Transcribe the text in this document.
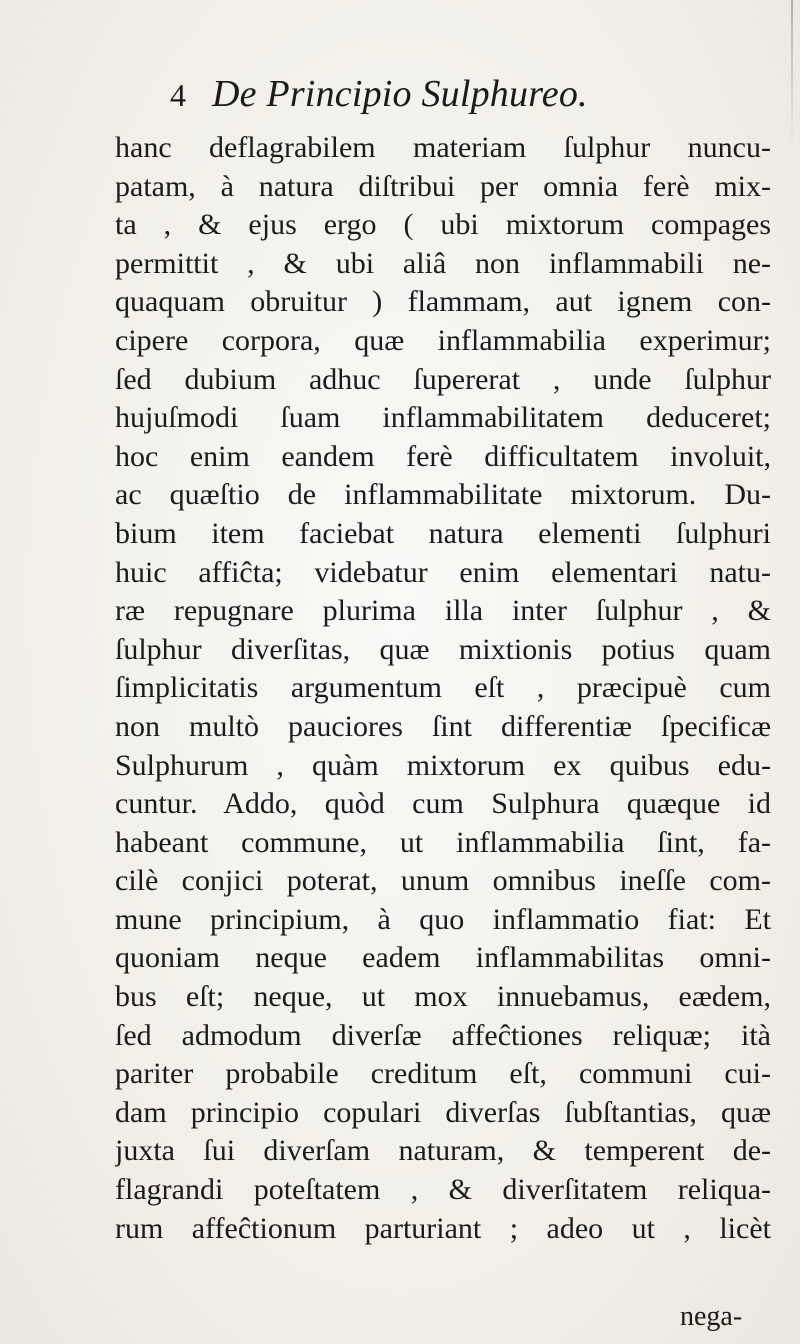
4 De Principio Sulphureo.
hanc deflagrabilem materiam ſulphur nuncu-
patam, à natura diſtribui per omnia ferè mix-
ta , & ejus ergo ( ubi mixtorum compages
permittit , & ubi aliâ non inflammabili ne-
quaquam obruitur ) flammam, aut ignem con-
cipere corpora, quæ inflammabilia experimur;
ſed dubium adhuc ſupererat , unde ſulphur
hujuſmodi ſuam inflammabilitatem deduceret;
hoc enim eandem ferè difficultatem involuit,
ac quæſtio de inflammabilitate mixtorum. Du-
bium item faciebat natura elementi ſulphuri
huic affiĉta; videbatur enim elementari natu-
ræ repugnare plurima illa inter ſulphur , &
ſulphur diverſitas, quæ mixtionis potius quam
ſimplicitatis argumentum eſt , præcipuè cum
non multò pauciores ſint differentiæ ſpecificæ
Sulphurum , quàm mixtorum ex quibus edu-
cuntur. Addo, quòd cum Sulphura quæque id
habeant commune, ut inflammabilia ſint, fa-
cilè conjici poterat, unum omnibus ineſſe com-
mune principium, à quo inflammatio fiat: Et
quoniam neque eadem inflammabilitas omni-
bus eſt; neque, ut mox innuebamus, eædem,
ſed admodum diverſæ affeĉtiones reliquæ; ità
pariter probabile creditum eſt, communi cui-
dam principio copulari diverſas ſubſtantias, quæ
juxta ſui diverſam naturam, & temperent de-
flagrandi poteſtatem , & diverſitatem reliqua-
rum affeĉtionum parturiant ; adeo ut , licèt
nega-
